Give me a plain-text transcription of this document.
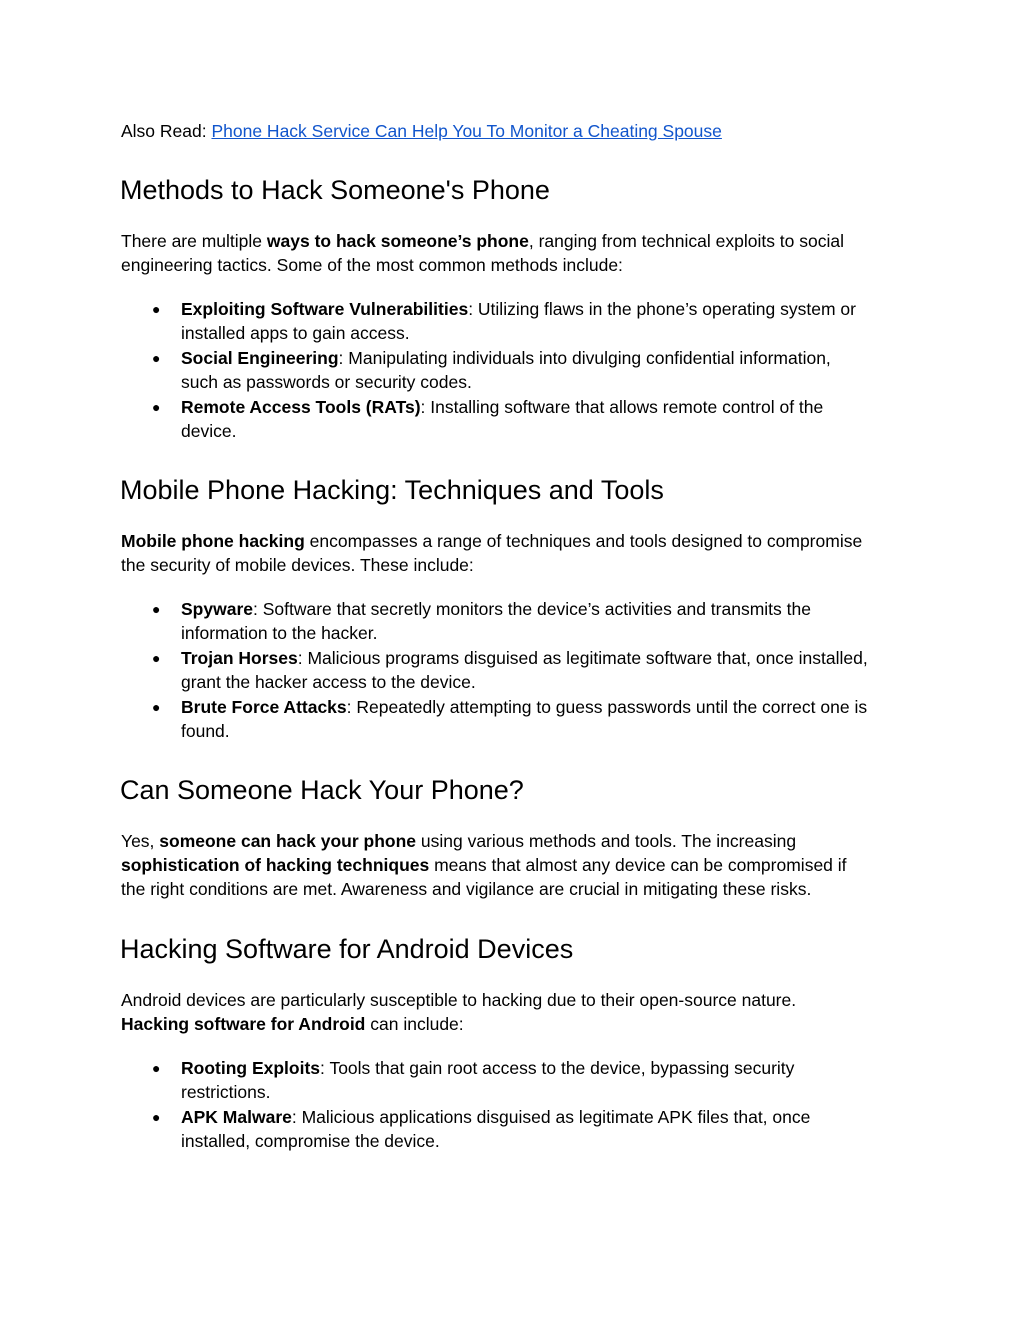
Also Read: Phone Hack Service Can Help You To Monitor a Cheating Spouse
Methods to Hack Someone's Phone
There are multiple ways to hack someone’s phone, ranging from technical exploits to social
engineering tactics. Some of the most common methods include:
● Exploiting Software Vulnerabilities: Utilizing flaws in the phone’s operating system or
installed apps to gain access.
● Social Engineering: Manipulating individuals into divulging confidential information,
such as passwords or security codes.
● Remote Access Tools (RATs): Installing software that allows remote control of the
device.
Mobile Phone Hacking: Techniques and Tools
Mobile phone hacking encompasses a range of techniques and tools designed to compromise
the security of mobile devices. These include:
● Spyware: Software that secretly monitors the device’s activities and transmits the
information to the hacker.
● Trojan Horses: Malicious programs disguised as legitimate software that, once installed,
grant the hacker access to the device.
● Brute Force Attacks: Repeatedly attempting to guess passwords until the correct one is
found.
Can Someone Hack Your Phone?
Yes, someone can hack your phone using various methods and tools. The increasing
sophistication of hacking techniques means that almost any device can be compromised if
the right conditions are met. Awareness and vigilance are crucial in mitigating these risks.
Hacking Software for Android Devices
Android devices are particularly susceptible to hacking due to their open-source nature.
Hacking software for Android can include:
● Rooting Exploits: Tools that gain root access to the device, bypassing security
restrictions.
● APK Malware: Malicious applications disguised as legitimate APK files that, once
installed, compromise the device.
